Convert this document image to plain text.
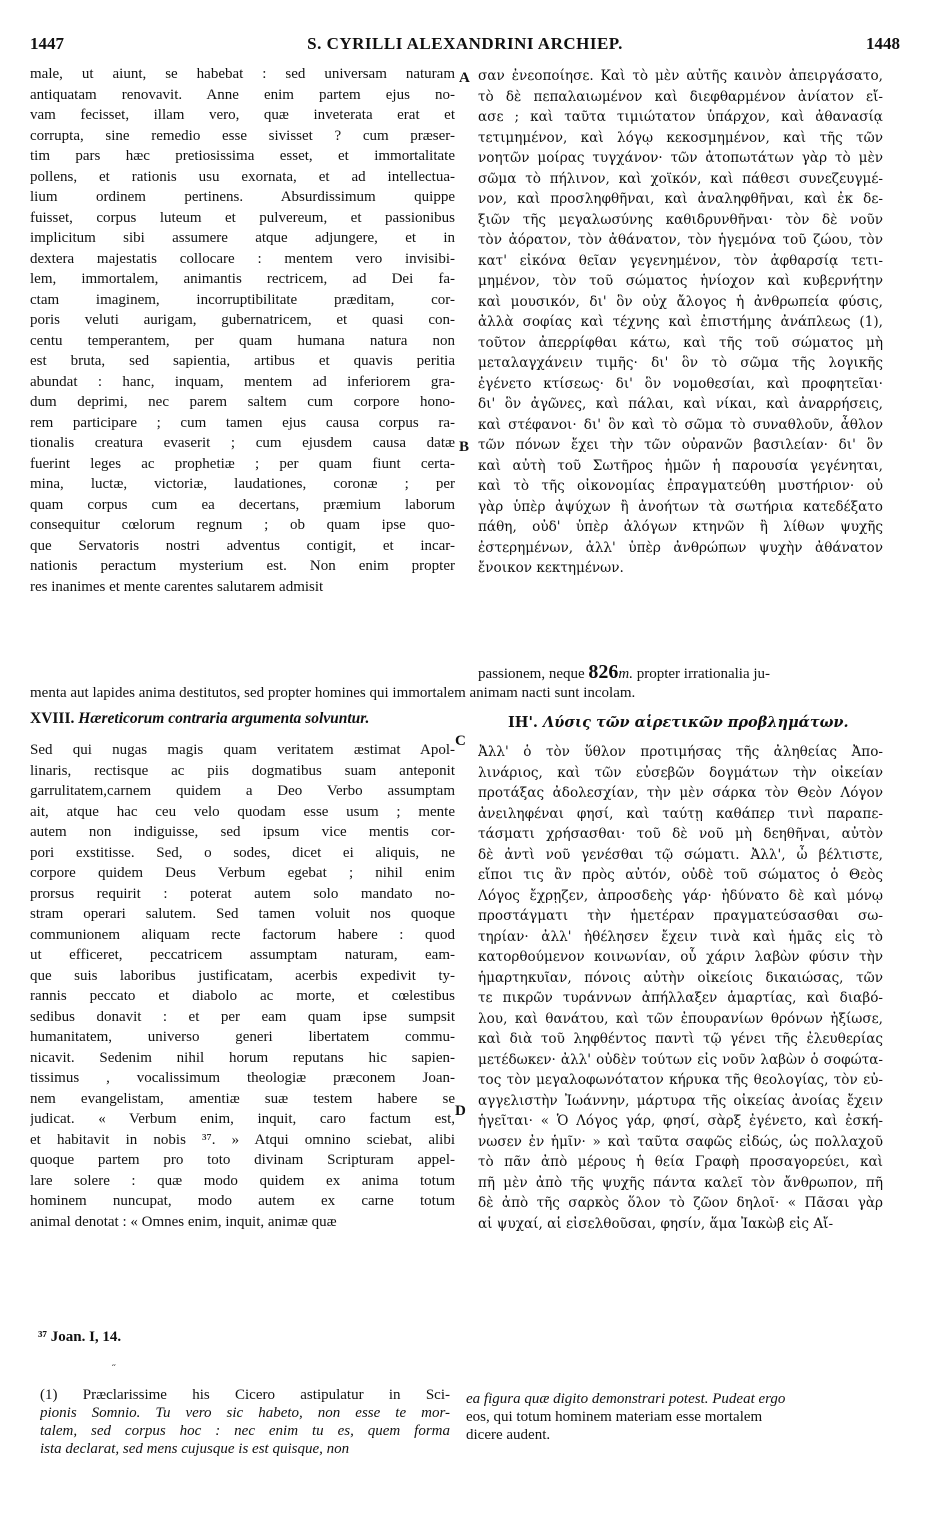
1447	S. CYRILLI ALEXANDRINI ARCHIEP.	1448
A
B
C
D
male, ut aiunt, se habebat : sed universam naturam
antiquatam renovavit. Anne enim partem ejus no-
vam fecisset, illam vero, quæ inveterata erat et
corrupta, sine remedio esse sivisset ? cum præser-
tim pars hæc pretiosissima esset, et immortalitate
pollens, et rationis usu exornata, et ad intellectua-
lium ordinem pertinens. Absurdissimum quippe
fuisset, corpus luteum et pulvereum, et passionibus
implicitum sibi assumere atque adjungere, et in
dextera majestatis collocare : mentem vero invisibi-
lem, immortalem, animantis rectricem, ad Dei fa-
ctam imaginem, incorruptibilitate præditam, cor-
poris veluti aurigam, gubernatricem, et quasi con-
centu temperantem, per quam humana natura non
est bruta, sed sapientia, artibus et quavis peritia
abundat : hanc, inquam, mentem ad inferiorem gra-
dum deprimi, nec parem saltem cum corpore hono-
rem participare ; cum tamen ejus causa corpus ra-
tionalis creatura evaserit ; cum ejusdem causa datæ
fuerint leges ac prophetiæ ; per quam fiunt certa-
mina, luctæ, victoriæ, laudationes, coronæ ; per
quam corpus cum ea decertans, præmium laborum
consequitur cœlorum regnum ; ob quam ipse quo-
que Servatoris nostri adventus contigit, et incar-
nationis peractum mysterium est. Non enim propter
res inanimes et mente carentes salutarem admisit
σαν ἐνεοποίησε. Καὶ τὸ μὲν αὐτῆς καινὸν ἀπειργάσατο,
τὸ δὲ πεπαλαιωμένον καὶ διεφθαρμένον ἀνίατον εἴ-
ασε ; καὶ ταῦτα τιμιώτατον ὑπάρχον, καὶ ἀθανασίᾳ
τετιμημένον, καὶ λόγῳ κεκοσμημένον, καὶ τῆς τῶν
νοητῶν μοίρας τυγχάνον· τῶν ἀτοπωτάτων γὰρ τὸ μὲν
σῶμα τὸ πήλινον, καὶ χοϊκόν, καὶ πάθεσι συνεζευγμέ-
νον, καὶ προσληφθῆναι, καὶ ἀναληφθῆναι, καὶ ἐκ δε-
ξιῶν τῆς μεγαλωσύνης καθιδρυνθῆναι· τὸν δὲ νοῦν
τὸν ἀόρατον, τὸν ἀθάνατον, τὸν ἡγεμόνα τοῦ ζώου, τὸν
κατ' εἰκόνα θεῖαν γεγενημένον, τὸν ἀφθαρσίᾳ τετι-
μημένον, τὸν τοῦ σώματος ἡνίοχον καὶ κυβερνήτην
καὶ μουσικόν, δι' ὃν οὐχ ἄλογος ἡ ἀνθρωπεία φύσις,
ἀλλὰ σοφίας καὶ τέχνης καὶ ἐπιστήμης ἀνάπλεως (1),
τοῦτον ἀπερρίφθαι κάτω, καὶ τῆς τοῦ σώματος μὴ
μεταλαγχάνειν τιμῆς· δι' ὃν τὸ σῶμα τῆς λογικῆς
ἐγένετο κτίσεως· δι' ὃν νομοθεσίαι, καὶ προφητεῖαι·
δι' ὃν ἀγῶνες, καὶ πάλαι, καὶ νίκαι, καὶ ἀναρρήσεις,
καὶ στέφανοι· δι' ὃν καὶ τὸ σῶμα τὸ συναθλοῦν, ἆθλον
τῶν πόνων ἔχει τὴν τῶν οὐρανῶν βασιλείαν· δι' ὃν
καὶ αὐτὴ τοῦ Σωτῆρος ἡμῶν ἡ παρουσία γεγένηται,
καὶ τὸ τῆς οἰκονομίας ἐπραγματεύθη μυστήριον· οὐ
γὰρ ὑπὲρ ἀψύχων ἢ ἀνοήτων τὰ σωτήρια κατεδέξατο
πάθη, οὐδ' ὑπὲρ ἀλόγων κτηνῶν ἢ λίθων ψυχῆς
ἐστερημένων, ἀλλ' ὑπὲρ ἀνθρώπων ψυχὴν ἀθάνατον
ἔνοικον κεκτημένων.
passionem, neque 826m. propter irrationalia ju-
menta aut lapides anima destitutos, sed propter homines qui immortalem animam nacti sunt incolam.
XVIII. Hæreticorum contraria argumenta solvuntur.	ΙΗ'. Λύσις τῶν αἱρετικῶν προβλημάτων.
Sed qui nugas magis quam veritatem æstimat Apol-
linaris, rectisque ac piis dogmatibus suam anteponit
garrulitatem,carnem quidem a Deo Verbo assumptam
ait, atque hac ceu velo quodam esse usum ; mente
autem non indiguisse, sed ipsum vice mentis cor-
pori exstitisse. Sed, o sodes, dicet ei aliquis, ne
corpore quidem Deus Verbum egebat ; nihil enim
prorsus requirit : poterat autem solo mandato no-
stram operari salutem. Sed tamen voluit nos quoque
communionem aliquam recte factorum habere : quod
ut efficeret, peccatricem assumptam naturam, eam-
que suis laboribus justificatam, acerbis expedivit ty-
rannis peccato et diabolo ac morte, et cœlestibus
sedibus donavit : et per eam quam ipse sumpsit
humanitatem, universo generi libertatem commu-
nicavit. Sedenim nihil horum reputans hic sapien-
tissimus , vocalissimum theologiæ præconem Joan-
nem evangelistam, amentiæ suæ testem habere se
judicat. « Verbum enim, inquit, caro factum est,
et habitavit in nobis ³⁷. » Atqui omnino sciebat, alibi
quoque partem pro toto divinam Scripturam appel-
lare solere : quæ modo quidem ex anima totum
hominem nuncupat, modo autem ex carne totum
animal denotat : « Omnes enim, inquit, animæ quæ
Ἀλλ' ὁ τὸν ὕθλον προτιμήσας τῆς ἀληθείας Ἀπο-
λινάριος, καὶ τῶν εὐσεβῶν δογμάτων τὴν οἰκείαν
προτάξας ἀδολεσχίαν, τὴν μὲν σάρκα τὸν Θεὸν Λόγον
ἀνειληφέναι φησί, καὶ ταύτῃ καθάπερ τινὶ παραπε-
τάσματι χρήσασθαι· τοῦ δὲ νοῦ μὴ δεηθῆναι, αὐτὸν
δὲ ἀντὶ νοῦ γενέσθαι τῷ σώματι. Ἀλλ', ὦ βέλτιστε,
εἴποι τις ἂν πρὸς αὐτόν, οὐδὲ τοῦ σώματος ὁ Θεὸς
Λόγος ἔχρῃζεν, ἀπροσδεὴς γάρ· ἠδύνατο δὲ καὶ μόνῳ
προστάγματι τὴν ἡμετέραν πραγματεύσασθαι σω-
τηρίαν· ἀλλ' ἠθέλησεν ἔχειν τινὰ καὶ ἡμᾶς εἰς τὸ
κατορθούμενον κοινωνίαν, οὗ χάριν λαβὼν φύσιν τὴν
ἡμαρτηκυῖαν, πόνοις αὐτὴν οἰκείοις δικαιώσας, τῶν
τε πικρῶν τυράννων ἀπήλλαξεν ἁμαρτίας, καὶ διαβό-
λου, καὶ θανάτου, καὶ τῶν ἐπουρανίων θρόνων ἠξίωσε,
καὶ διὰ τοῦ ληφθέντος παντὶ τῷ γένει τῆς ἐλευθερίας
μετέδωκεν· ἀλλ' οὐδὲν τούτων εἰς νοῦν λαβὼν ὁ σοφώτα-
τος τὸν μεγαλοφωνότατον κήρυκα τῆς θεολογίας, τὸν εὐ-
αγγελιστὴν Ἰωάννην, μάρτυρα τῆς οἰκείας ἀνοίας ἔχειν
ἡγεῖται· « Ὁ Λόγος γάρ, φησί, σὰρξ ἐγένετο, καὶ ἐσκή-
νωσεν ἐν ἡμῖν· » καὶ ταῦτα σαφῶς εἰδώς, ὡς πολλαχοῦ
τὸ πᾶν ἀπὸ μέρους ἡ θεία Γραφὴ προσαγορεύει, καὶ
πῆ μὲν ἀπὸ τῆς ψυχῆς πάντα καλεῖ τὸν ἄνθρωπον, πῆ
δὲ ἀπὸ τῆς σαρκὸς ὅλον τὸ ζῶον δηλοῖ· « Πᾶσαι γὰρ
αἱ ψυχαί, αἱ εἰσελθοῦσαι, φησίν, ἅμα Ἰακὼβ εἰς Αἴ-
³⁷ Joan. I, 14.
˝
(1) Præclarissime his Cicero astipulatur in Sci-
pionis Somnio. Tu vero sic habeto, non esse te mor-
talem, sed corpus hoc : nec enim tu es, quem forma
ista declarat, sed mens cujusque is est quisque, non
ea figura quæ digito demonstrari potest. Pudeat ergo
eos, qui totum hominem materiam esse mortalem
dicere audent.
